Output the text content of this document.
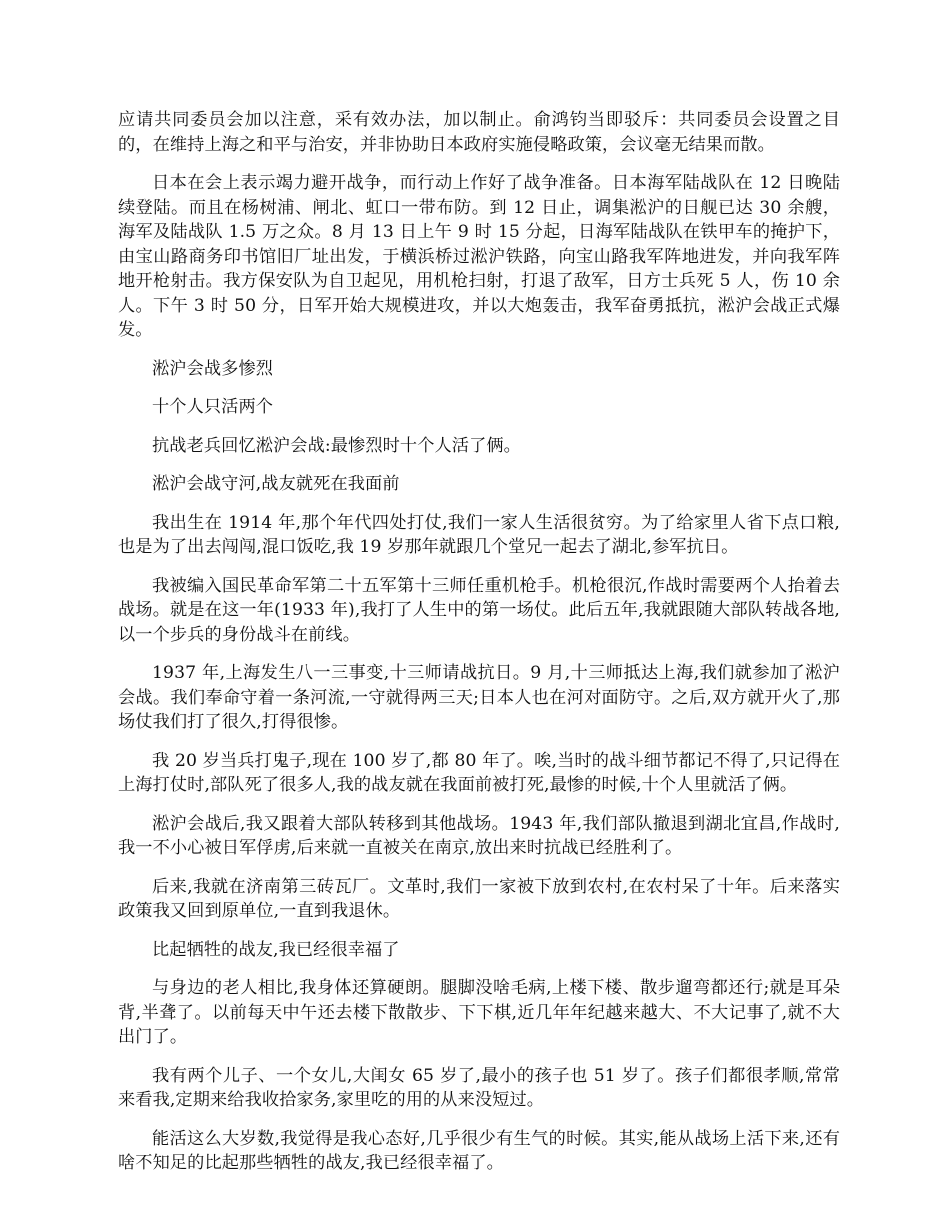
应请共同委员会加以注意，采有效办法，加以制止。俞鸿钧当即驳斥：共同委员会设置之目的，在维持上海之和平与治安，并非协助日本政府实施侵略政策，会议毫无结果而散。

日本在会上表示竭力避开战争，而行动上作好了战争准备。日本海军陆战队在 12 日晚陆续登陆。而且在杨树浦、闸北、虹口一带布防。到 12 日止，调集淞沪的日舰已达 30 余艘，海军及陆战队 1.5 万之众。8 月 13 日上午 9 时 15 分起，日海军陆战队在铁甲车的掩护下，由宝山路商务印书馆旧厂址出发，于横浜桥过淞沪铁路，向宝山路我军阵地进发，并向我军阵地开枪射击。我方保安队为自卫起见，用机枪扫射，打退了敌军，日方士兵死 5 人，伤 10 余人。下午 3 时 50 分，日军开始大规模进攻，并以大炮轰击，我军奋勇抵抗，淞沪会战正式爆发。

淞沪会战多惨烈

十个人只活两个

抗战老兵回忆淞沪会战:最惨烈时十个人活了俩。

淞沪会战守河,战友就死在我面前

我出生在 1914 年,那个年代四处打仗,我们一家人生活很贫穷。为了给家里人省下点口粮,也是为了出去闯闯,混口饭吃,我 19 岁那年就跟几个堂兄一起去了湖北,参军抗日。

我被编入国民革命军第二十五军第十三师任重机枪手。机枪很沉,作战时需要两个人抬着去战场。就是在这一年(1933 年),我打了人生中的第一场仗。此后五年,我就跟随大部队转战各地,以一个步兵的身份战斗在前线。

1937 年,上海发生八一三事变,十三师请战抗日。9 月,十三师抵达上海,我们就参加了淞沪会战。我们奉命守着一条河流,一守就得两三天;日本人也在河对面防守。之后,双方就开火了,那场仗我们打了很久,打得很惨。

我 20 岁当兵打鬼子,现在 100 岁了,都 80 年了。唉,当时的战斗细节都记不得了,只记得在上海打仗时,部队死了很多人,我的战友就在我面前被打死,最惨的时候,十个人里就活了俩。

淞沪会战后,我又跟着大部队转移到其他战场。1943 年,我们部队撤退到湖北宜昌,作战时,我一不小心被日军俘虏,后来就一直被关在南京,放出来时抗战已经胜利了。

后来,我就在济南第三砖瓦厂。文革时,我们一家被下放到农村,在农村呆了十年。后来落实政策我又回到原单位,一直到我退休。

比起牺牲的战友,我已经很幸福了

与身边的老人相比,我身体还算硬朗。腿脚没啥毛病,上楼下楼、散步遛弯都还行;就是耳朵背,半聋了。以前每天中午还去楼下散散步、下下棋,近几年年纪越来越大、不大记事了,就不大出门了。

我有两个儿子、一个女儿,大闺女 65 岁了,最小的孩子也 51 岁了。孩子们都很孝顺,常常来看我,定期来给我收拾家务,家里吃的用的从来没短过。

能活这么大岁数,我觉得是我心态好,几乎很少有生气的时候。其实,能从战场上活下来,还有啥不知足的比起那些牺牲的战友,我已经很幸福了。
